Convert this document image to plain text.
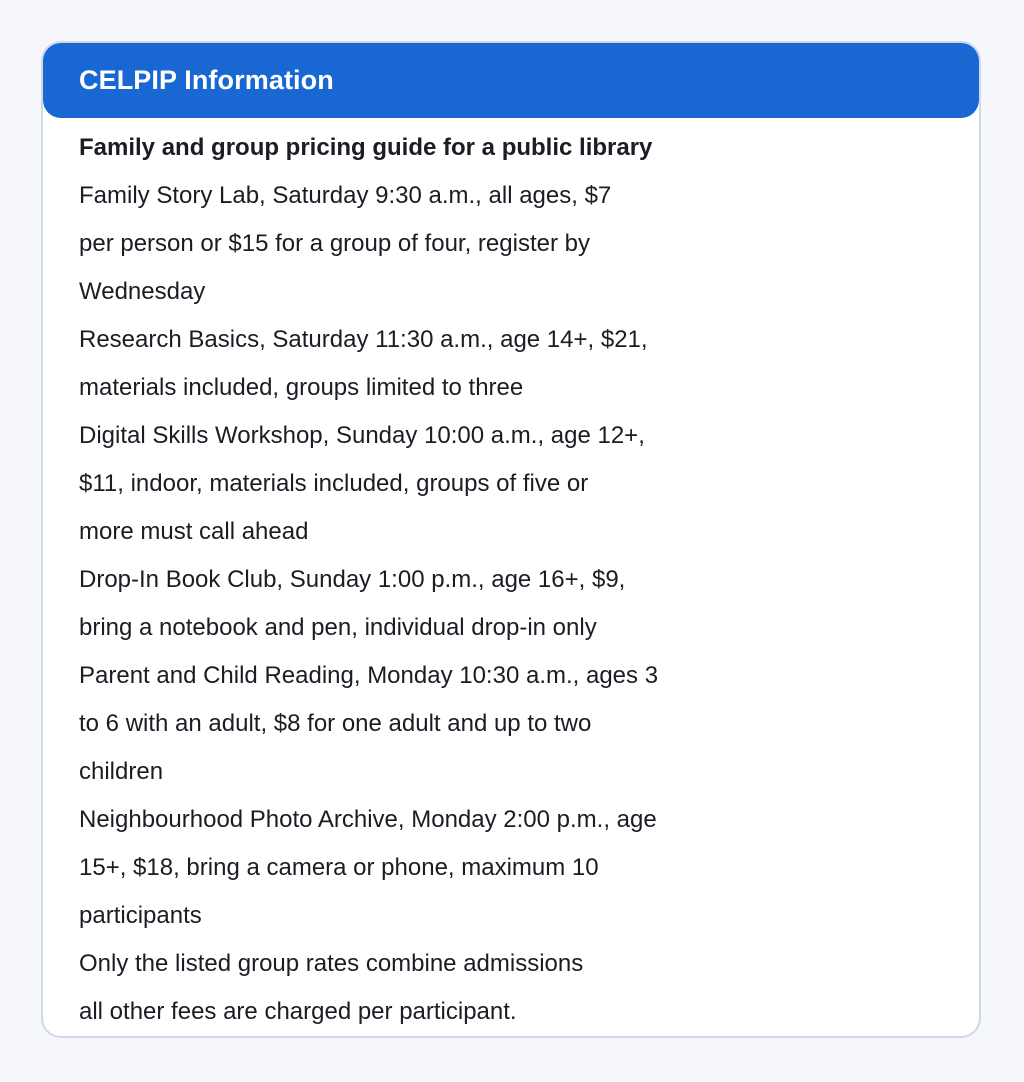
CELPIP Information
Family and group pricing guide for a public library
Family Story Lab, Saturday 9:30 a.m., all ages, $7
per person or $15 for a group of four, register by
Wednesday
Research Basics, Saturday 11:30 a.m., age 14+, $21,
materials included, groups limited to three
Digital Skills Workshop, Sunday 10:00 a.m., age 12+,
$11, indoor, materials included, groups of five or
more must call ahead
Drop-In Book Club, Sunday 1:00 p.m., age 16+, $9,
bring a notebook and pen, individual drop-in only
Parent and Child Reading, Monday 10:30 a.m., ages 3
to 6 with an adult, $8 for one adult and up to two
children
Neighbourhood Photo Archive, Monday 2:00 p.m., age
15+, $18, bring a camera or phone, maximum 10
participants
Only the listed group rates combine admissions
all other fees are charged per participant.
